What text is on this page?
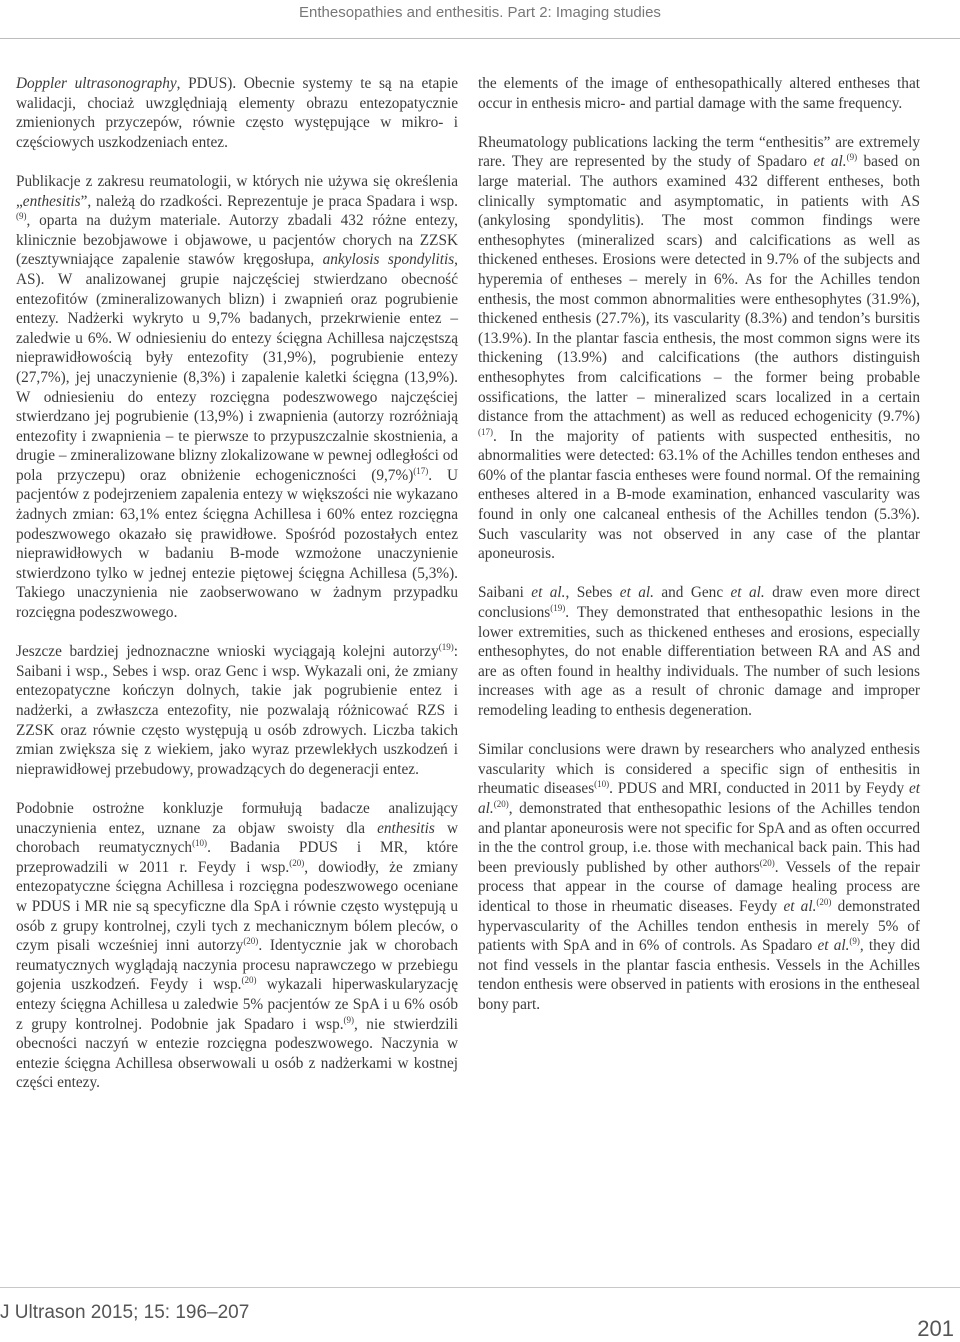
Enthesopathies and enthesitis. Part 2: Imaging studies

Doppler ultrasonography, PDUS). Obecnie systemy te są na etapie walidacji, chociaż uwzględniają elementy obrazu entezopatycznie zmienionych przyczepów, równie często występujące w mikro- i częściowych uszkodzeniach entez.

Publikacje z zakresu reumatologii, w których nie używa się określenia „enthesitis”, należą do rzadkości. Reprezentuje je praca Spadara i wsp.$^{(9)}$, oparta na dużym materiale. Autorzy zbadali 432 różne entezy, klinicznie bezobjawowe i objawowe, u pacjentów chorych na ZZSK (zesztywniające zapalenie stawów kręgosłupa, ankylosis spondylitis, AS). W analizowanej grupie najczęściej stwierdzano obecność entezofitów (zmineralizowanych blizn) i zwapnień oraz pogrubienie entezy. Nadżerki wykryto u 9,7% badanych, przekrwienie entez – zaledwie u 6%. W odniesieniu do entezy ścięgna Achillesa najczęstszą nieprawidłowością były entezofity (31,9%), pogrubienie entezy (27,7%), jej unaczynienie (8,3%) i zapalenie kaletki ścięgna (13,9%). W odniesieniu do entezy rozcięgna podeszwowego najczęściej stwierdzano jej pogrubienie (13,9%) i zwapnienia (autorzy rozróżniają entezofity i zwapnienia – te pierwsze to przypuszczalnie skostnienia, a drugie – zmineralizowane blizny zlokalizowane w pewnej odległości od pola przyczepu) oraz obniżenie echogeniczności $(9,7\%)^{(17)}$. U pacjentów z podejrzeniem zapalenia entezy w większości nie wykazano żadnych zmian: 63,1% entez ścięgna Achillesa i 60% entez rozcięgna podeszwowego okazało się prawidłowe. Spośród pozostałych entez nieprawidłowych w badaniu B-mode wzmożone unaczynienie stwierdzono tylko w jednej entezie piętowej ścięgna Achillesa (5,3%). Takiego unaczynienia nie zaobserwowano w żadnym przypadku rozcięgna podeszwowego.

Jeszcze bardziej jednoznaczne wnioski wyciągają kolejni autorzy$^{(19)}$: Saibani i wsp., Sebes i wsp. oraz Genc i wsp. Wykazali oni, że zmiany entezopatyczne kończyn dolnych, takie jak pogrubienie entez i nadżerki, a zwłaszcza entezofity, nie pozwalają różnicować RZS i ZZSK oraz równie często występują u osób zdrowych. Liczba takich zmian zwiększa się z wiekiem, jako wyraz przewlekłych uszkodzeń i nieprawidłowej przebudowy, prowadzących do degeneracji entez.

Podobnie ostrożne konkluzje formułują badacze analizujący unaczynienia entez, uznane za objaw swoisty dla enthesitis w chorobach reumatycznych$^{(10)}$. Badania PDUS i MR, które przeprowadzili w 2011 r. Feydy i wsp.$^{(20)}$, dowiodły, że zmiany entezopatyczne ścięgna Achillesa i rozcięgna podeszwowego oceniane w PDUS i MR nie są specyficzne dla SpA i równie często występują u osób z grupy kontrolnej, czyli tych z mechanicznym bólem pleców, o czym pisali wcześniej inni autorzy$^{(20)}$. Identycznie jak w chorobach reumatycznych wyglądają naczynia procesu naprawczego w przebiegu gojenia uszkodzeń. Feydy i wsp.$^{(20)}$ wykazali hiperwaskularyzację entezy ścięgna Achillesa u zaledwie 5% pacjentów ze SpA i u 6% osób z grupy kontrolnej. Podobnie jak Spadaro i wsp.$^{(9)}$, nie stwierdzili obecności naczyń w entezie rozcięgna podeszwowego. Naczynia w entezie ścięgna Achillesa obserwowali u osób z nadżerkami w kostnej części entezy.

the elements of the image of enthesopathically altered entheses that occur in enthesis micro- and partial damage with the same frequency.

Rheumatology publications lacking the term “enthesitis” are extremely rare. They are represented by the study of Spadaro et al.$^{(9)}$ based on large material. The authors examined 432 different entheses, both clinically symptomatic and asymptomatic, in patients with AS (ankylosing spondylitis). The most common findings were enthesophytes (mineralized scars) and calcifications as well as thickened entheses. Erosions were detected in 9.7% of the subjects and hyperemia of entheses – merely in 6%. As for the Achilles tendon enthesis, the most common abnormalities were enthesophytes (31.9%), thickened enthesis (27.7%), its vascularity (8.3%) and tendon’s bursitis (13.9%). In the plantar fascia enthesis, the most common signs were its thickening (13.9%) and calcifications (the authors distinguish enthesophytes from calcifications – the former being probable ossifications, the latter – mineralized scars localized in a certain distance from the attachment) as well as reduced echogenicity $(9.7\%)^{(17)}$. In the majority of patients with suspected enthesitis, no abnormalities were detected: 63.1% of the Achilles tendon entheses and 60% of the plantar fascia entheses were found normal. Of the remaining entheses altered in a B-mode examination, enhanced vascularity was found in only one calcaneal enthesis of the Achilles tendon (5.3%). Such vascularity was not observed in any case of the plantar aponeurosis.

Saibani et al., Sebes et al. and Genc et al. draw even more direct conclusions$^{(19)}$. They demonstrated that enthesopathic lesions in the lower extremities, such as thickened entheses and erosions, especially enthesophytes, do not enable differentiation between RA and AS and are as often found in healthy individuals. The number of such lesions increases with age as a result of chronic damage and improper remodeling leading to enthesis degeneration.

Similar conclusions were drawn by researchers who analyzed enthesis vascularity which is considered a specific sign of enthesitis in rheumatic diseases$^{(10)}$. PDUS and MRI, conducted in 2011 by Feydy et al.$^{(20)}$, demonstrated that enthesopathic lesions of the Achilles tendon and plantar aponeurosis were not specific for SpA and as often occurred in the the control group, i.e. those with mechanical back pain. This had been previously published by other authors$^{(20)}$. Vessels of the repair process that appear in the course of damage healing process are identical to those in rheumatic diseases. Feydy et al.$^{(20)}$ demonstrated hypervascularity of the Achilles tendon enthesis in merely 5% of patients with SpA and in 6% of controls. As Spadaro et al.$^{(9)}$, they did not find vessels in the plantar fascia enthesis. Vessels in the Achilles tendon enthesis were observed in patients with erosions in the entheseal bony part.

J Ultrason 2015; 15: 196–207
201
